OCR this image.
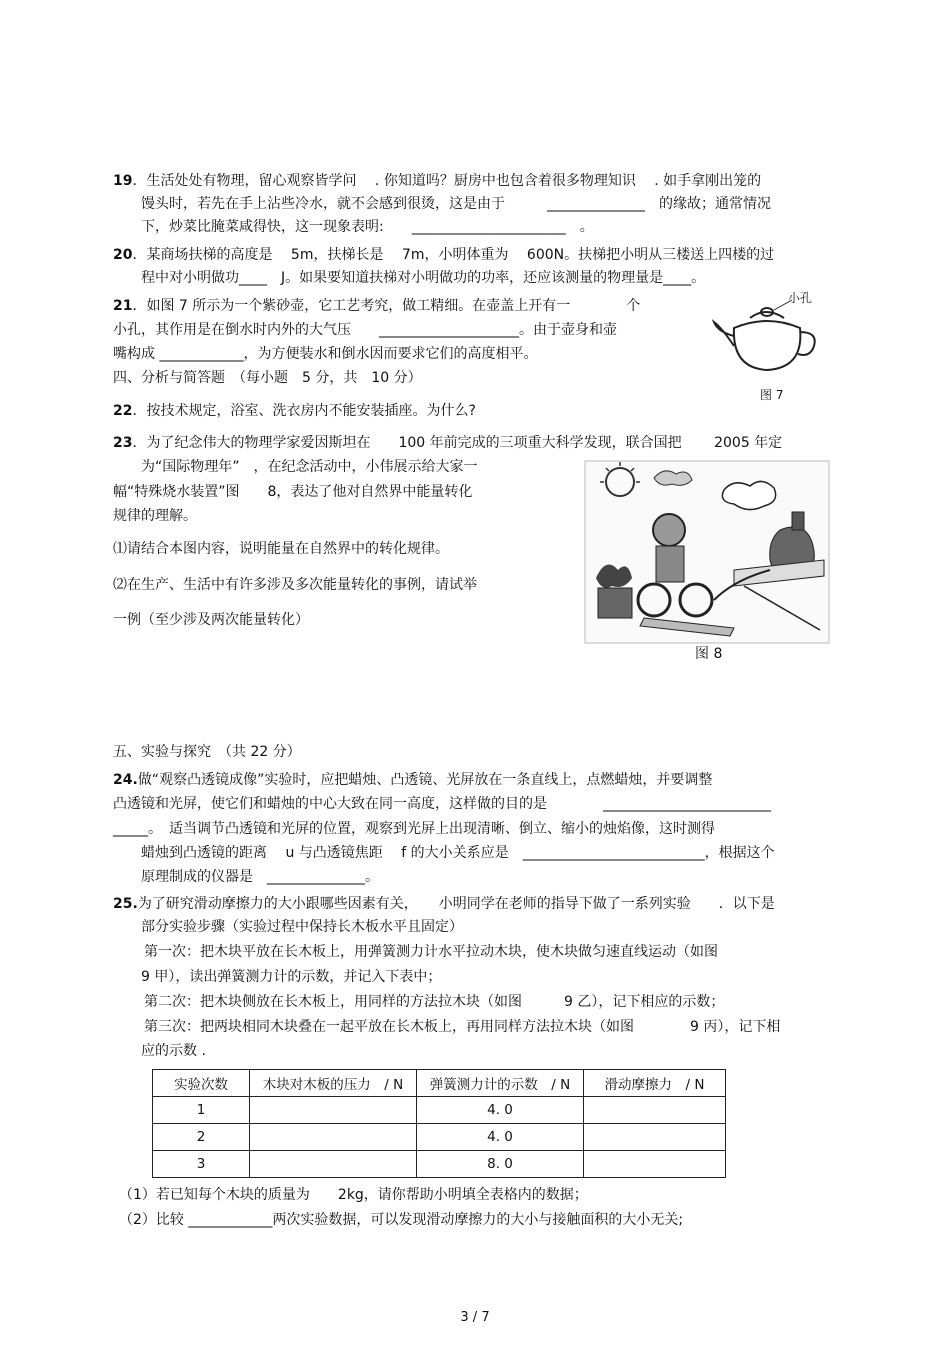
19．生活处处有物理，留心观察皆学问　 . 你知道吗？厨房中也包含着很多物理知识　 . 如手拿刚出笼的
馒头时，若先在手上沾些冷水，就不会感到很烫，这是由于　　　______________　的缘故；通常情况
下，炒菜比腌菜咸得快，这一现象表明:　　______________________　。
20．某商场扶梯的高度是　 5m，扶梯长是　 7m，小明体重为　 600N。扶梯把小明从三楼送上四楼的过
程中对小明做功____　J。如果要知道扶梯对小明做功的功率，还应该测量的物理量是____。
21．如图 7 所示为一个紫砂壶，它工艺考究，做工精细。在壶盖上开有一　　　　个
小孔，其作用是在倒水时内外的大气压　　____________________。由于壶身和壶
嘴构成 ____________，为方便装水和倒水因而要求它们的高度相平。
小孔
图 7
四、分析与简答题　（每小题　5 分，共　10 分）
22．按技术规定，浴室、洗衣房内不能安装插座。为什么?
23．为了纪念伟大的物理学家爱因斯坦在　　100 年前完成的三项重大科学发现，联合国把　　 2005 年定
为“国际物理年”　，在纪念活动中，小伟展示给大家一
幅“特殊烧水装置”图　　8，表达了他对自然界中能量转化
规律的理解。
⑴请结合本图内容，说明能量在自然界中的转化规律。
⑵在生产、生活中有许多涉及多次能量转化的事例，请试举
一例（至少涉及两次能量转化）
图 8
五、实验与探究　（共 22 分）
24.做“观察凸透镜成像”实验时，应把蜡烛、凸透镜、光屏放在一条直线上，点燃蜡烛，并要调整
凸透镜和光屏，使它们和蜡烛的中心大致在同一高度，这样做的目的是　　　　________________________
_____。　适当调节凸透镜和光屏的位置，观察到光屏上出现清晰、倒立、缩小的烛焰像，这时测得
蜡烛到凸透镜的距离　 u 与凸透镜焦距　 f 的大小关系应是　__________________________，根据这个
原理制成的仪器是　______________。
25.为了研究滑动摩擦力的大小跟哪些因素有关，　　小明同学在老师的指导下做了一系列实验　　．以下是
部分实验步骤（实验过程中保持长木板水平且固定）
第一次：把木块平放在长木板上，用弹簧测力计水平拉动木块，使木块做匀速直线运动（如图
9 甲），读出弹簧测力计的示数，并记入下表中；
第二次：把木块侧放在长木板上，用同样的方法拉木块（如图　　　9 乙），记下相应的示数；
第三次：把两块相同木块叠在一起平放在长木板上，再用同样方法拉木块（如图　　　　9 丙），记下相
应的示数 .
实验次数	木块对木板的压力　/ N	弹簧测力计的示数　/ N	滑动摩擦力　/ N
1		4. 0	
2		4. 0	
3		8. 0	
（1）若已知每个木块的质量为　　2kg，请你帮助小明填全表格内的数据；
（2）比较 ____________两次实验数据，可以发现滑动摩擦力的大小与接触面积的大小无关;
3 / 7
